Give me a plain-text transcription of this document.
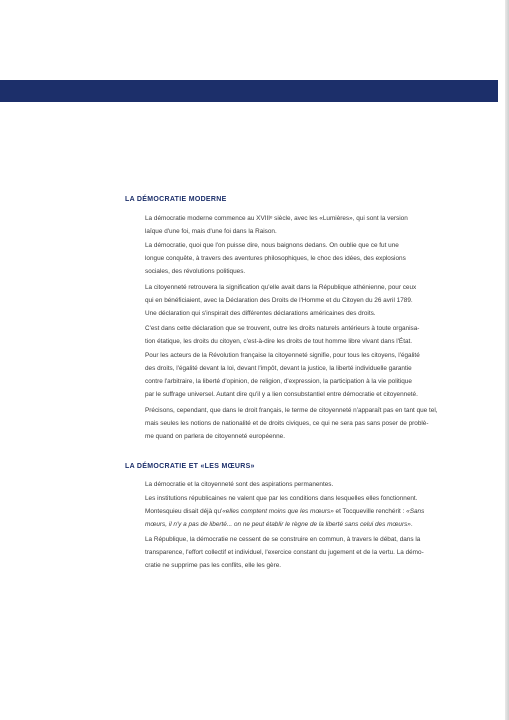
LA DÉMOCRATIE MODERNE

La démocratie moderne commence au XVIIIᵉ siècle, avec les «Lumières», qui sont la version
laïque d'une foi, mais d'une foi dans la Raison.

La démocratie, quoi que l'on puisse dire, nous baignons dedans. On oublie que ce fut une
longue conquête, à travers des aventures philosophiques, le choc des idées, des explosions
sociales, des révolutions politiques.

La citoyenneté retrouvera la signification qu'elle avait dans la République athénienne, pour ceux
qui en bénéficiaient, avec la Déclaration des Droits de l'Homme et du Citoyen du 26 avril 1789.
Une déclaration qui s'inspirait des différentes déclarations américaines des droits.

C'est dans cette déclaration que se trouvent, outre les droits naturels antérieurs à toute organisa-
tion étatique, les droits du citoyen, c'est-à-dire les droits de tout homme libre vivant dans l'État.

Pour les acteurs de la Révolution française la citoyenneté signifie, pour tous les citoyens, l'égalité
des droits, l'égalité devant la loi, devant l'impôt, devant la justice, la liberté individuelle garantie
contre l'arbitraire, la liberté d'opinion, de religion, d'expression, la participation à la vie politique
par le suffrage universel. Autant dire qu'il y a lien consubstantiel entre démocratie et citoyenneté.

Précisons, cependant, que dans le droit français, le terme de citoyenneté n'apparaît pas en tant que tel,
mais seules les notions de nationalité et de droits civiques, ce qui ne sera pas sans poser de problè-
me quand on parlera de citoyenneté européenne.

LA DÉMOCRATIE ET «LES MŒURS»

La démocratie et la citoyenneté sont des aspirations permanentes.

Les institutions républicaines ne valent que par les conditions dans lesquelles elles fonctionnent.

Montesquieu disait déjà qu'«elles comptent moins que les mœurs» et Tocqueville renchérit : «Sans
mœurs, il n'y a pas de liberté... on ne peut établir le règne de la liberté sans celui des mœurs».

La République, la démocratie ne cessent de se construire en commun, à travers le débat, dans la
transparence, l'effort collectif et individuel, l'exercice constant du jugement et de la vertu. La démo-
cratie ne supprime pas les conflits, elle les gère.
